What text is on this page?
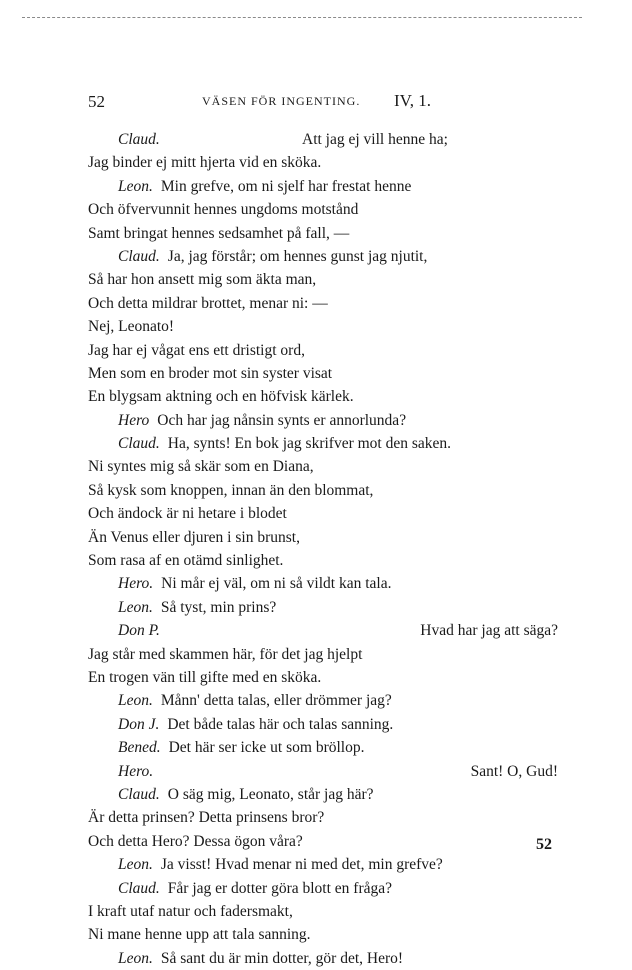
52	VÄSEN FÖR INGENTING. IV, 1.
Claud.	Att jag ej vill henne ha;
Jag binder ej mitt hjerta vid en sköka.
Leon. Min grefve, om ni sjelf har frestat henne
Och öfvervunnit hennes ungdoms motstånd
Samt bringat hennes sedsamhet på fall, —
Claud. Ja, jag förstår; om hennes gunst jag njutit,
Så har hon ansett mig som äkta man,
Och detta mildrar brottet, menar ni: —
Nej, Leonato!
Jag har ej vågat ens ett dristigt ord,
Men som en broder mot sin syster visat
En blygsam aktning och en höfvisk kärlek.
Hero Och har jag nånsin synts er annorlunda?
Claud. Ha, synts! En bok jag skrifver mot den saken.
Ni syntes mig så skär som en Diana,
Så kysk som knoppen, innan än den blommat,
Och ändock är ni hetare i blodet
Än Venus eller djuren i sin brunst,
Som rasa af en otämd sinlighet.
Hero. Ni mår ej väl, om ni så vildt kan tala.
Leon. Så tyst, min prins?
Don P.	Hvad har jag att säga?
Jag står med skammen här, för det jag hjelpt
En trogen vän till gifte med en sköka.
Leon. Månn' detta talas, eller drömmer jag?
Don J. Det både talas här och talas sanning.
Bened. Det här ser icke ut som bröllop.
Hero.	Sant! O, Gud!
Claud. O säg mig, Leonato, står jag här?
Är detta prinsen? Detta prinsens bror?
Och detta Hero? Dessa ögon våra?
Leon. Ja visst! Hvad menar ni med det, min grefve?
Claud. Får jag er dotter göra blott en fråga?
I kraft utaf natur och fadersmakt,
Ni mane henne upp att tala sanning.
Leon. Så sant du är min dotter, gör det, Hero!
52
